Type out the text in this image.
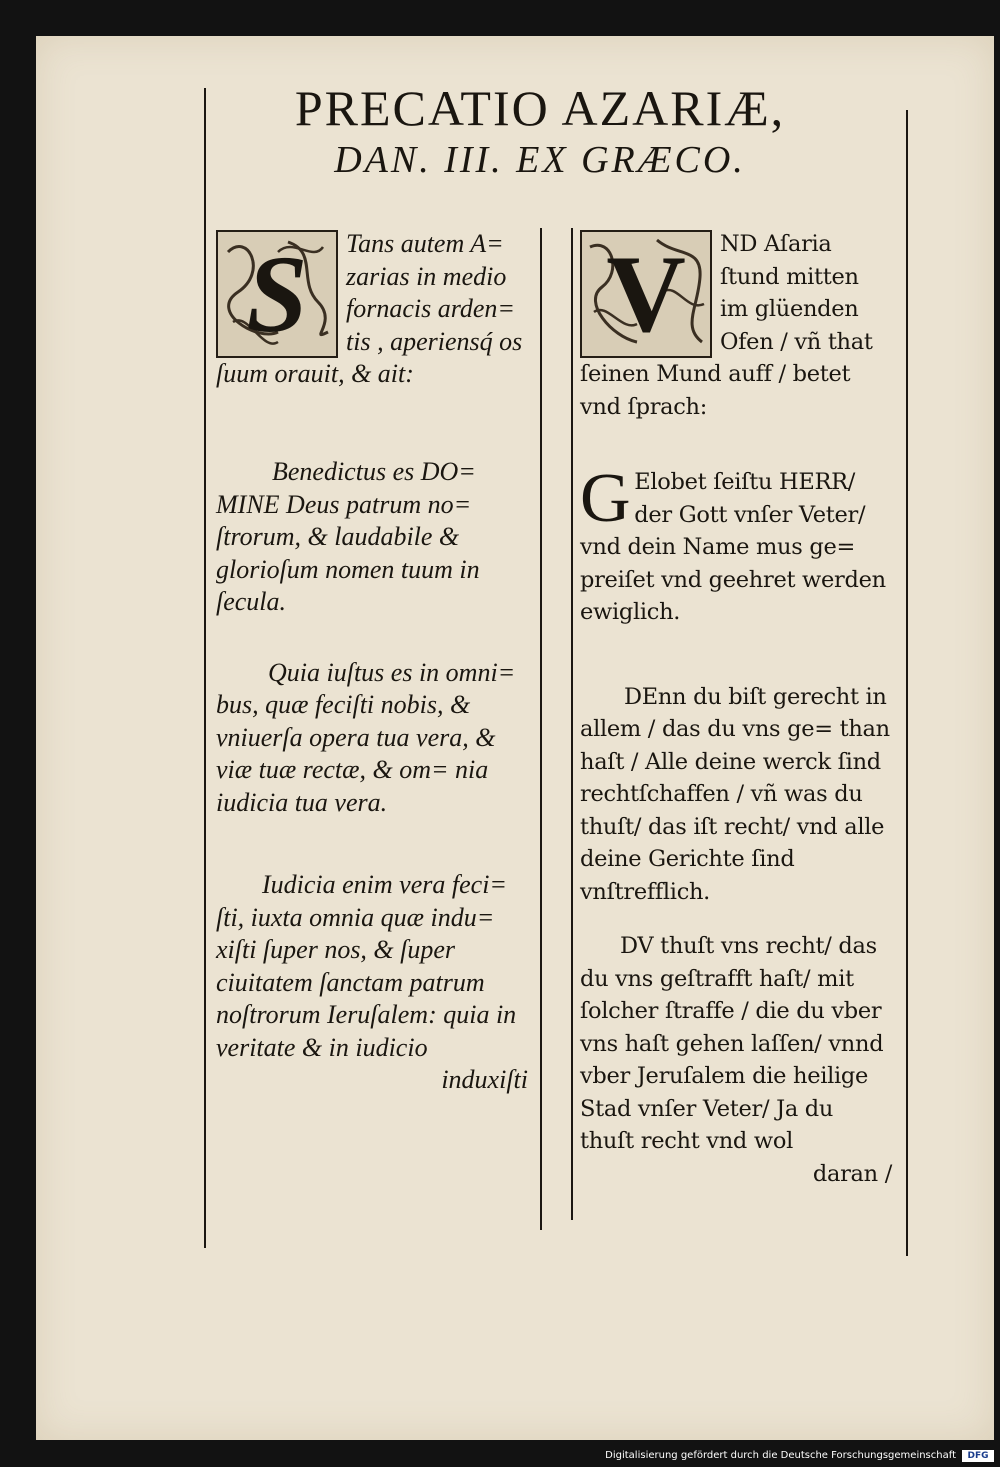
PRECATIO AZARIÆ,
DAN. III. EX GRÆCO.

S Tans autem A= zarias in medio fornacis arden= tis , aperiensq́ os ſuum orauit, & ait:

Benedictus es DO= MINE Deus patrum no= ſtrorum, & laudabile & glorioſum nomen tuum in ſecula.

Quia iuſtus es in omni= bus, quæ feciſti nobis, & vniuerſa opera tua vera, & viæ tuæ rectæ, & om= nia iudicia tua vera.

Iudicia enim vera feci= ſti, iuxta omnia quæ indu= xiſti ſuper nos, & ſuper ciuitatem ſanctam patrum noſtrorum Ieruſalem: quia in veritate & in iudicio

induxiſti

V ND Aſaria ſtund mitten im glüenden Ofen / vñ that ſeinen Mund auff / betet vnd ſprach:

G Elobet ſeiſtu HERR/ der Gott vnſer Veter/ vnd dein Name mus ge= preiſet vnd geehret werden ewiglich.

DEnn du biſt gerecht in allem / das du vns ge= than haſt / Alle deine werck ſind rechtſchaffen / vñ was du thuſt/ das iſt recht/ vnd alle deine Gerichte ſind vnſtrefflich.

DV thuſt vns recht/ das du vns geſtrafft haſt/ mit ſolcher ſtraffe / die du vber vns haſt gehen laſſen/ vnnd vber Jeruſalem die heilige Stad vnſer Veter/ Ja du thuſt recht vnd wol

daran /

Digitalisierung gefördert durch die Deutsche Forschungsgemeinschaft	DFG
